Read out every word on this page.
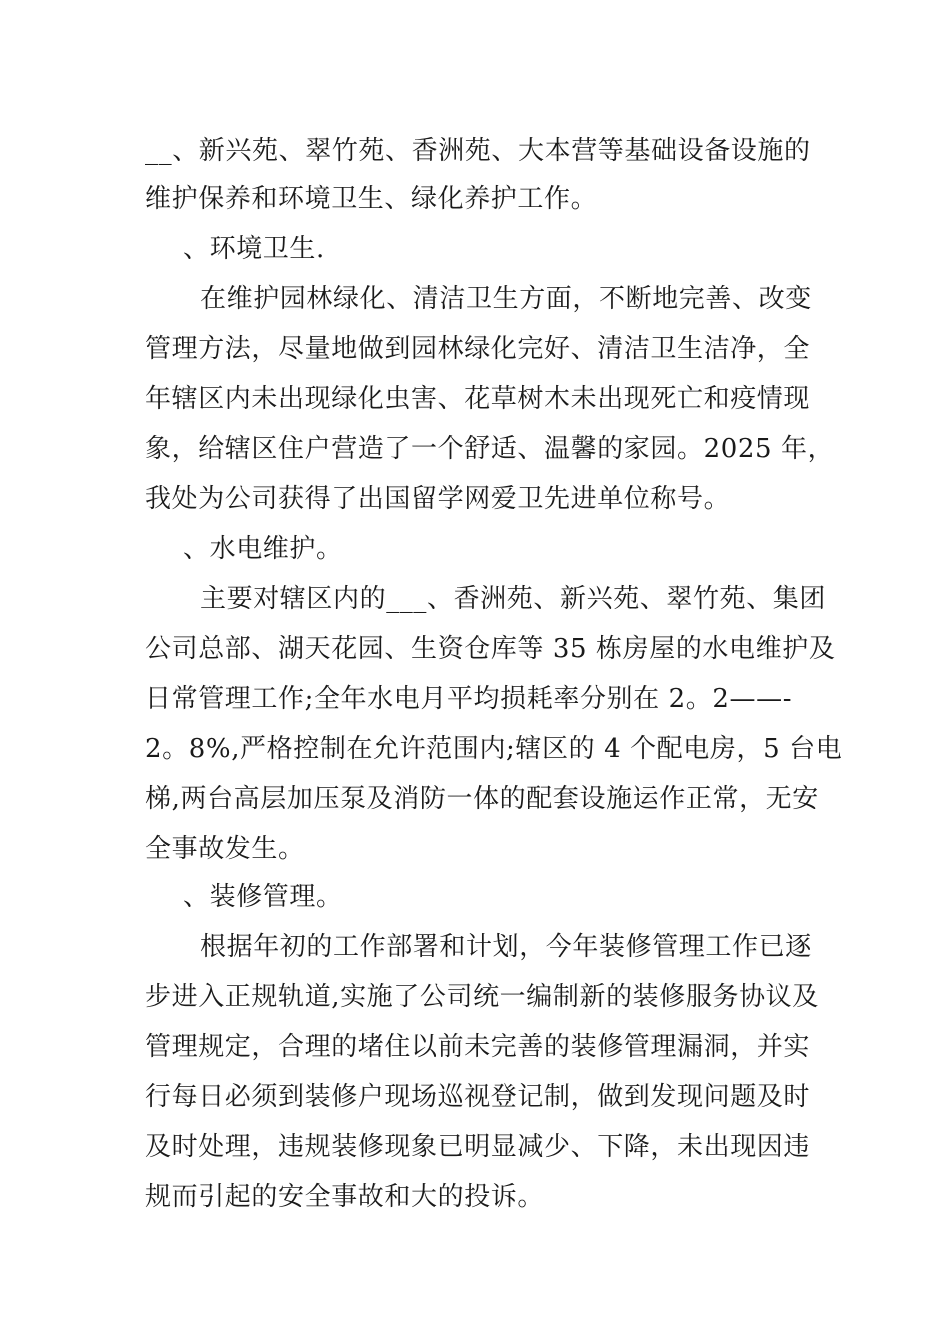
__、新兴苑、翠竹苑、香洲苑、大本营等基础设备设施的
维护保养和环境卫生、绿化养护工作。
、环境卫生.
在维护园林绿化、清洁卫生方面，不断地完善、改变
管理方法，尽量地做到园林绿化完好、清洁卫生洁净，全
年辖区内未出现绿化虫害、花草树木未出现死亡和疫情现
象，给辖区住户营造了一个舒适、温馨的家园。2025 年，
我处为公司获得了出国留学网爱卫先进单位称号。
、水电维护。
主要对辖区内的___、香洲苑、新兴苑、翠竹苑、集团
公司总部、湖天花园、生资仓库等 35 栋房屋的水电维护及
日常管理工作;全年水电月平均损耗率分别在 2。2——-
2。8%,严格控制在允许范围内;辖区的 4 个配电房，5 台电
梯,两台高层加压泵及消防一体的配套设施运作正常，无安
全事故发生。
、装修管理。
根据年初的工作部署和计划，今年装修管理工作已逐
步进入正规轨道,实施了公司统一编制新的装修服务协议及
管理规定，合理的堵住以前未完善的装修管理漏洞，并实
行每日必须到装修户现场巡视登记制，做到发现问题及时
及时处理，违规装修现象已明显减少、下降，未出现因违
规而引起的安全事故和大的投诉。
